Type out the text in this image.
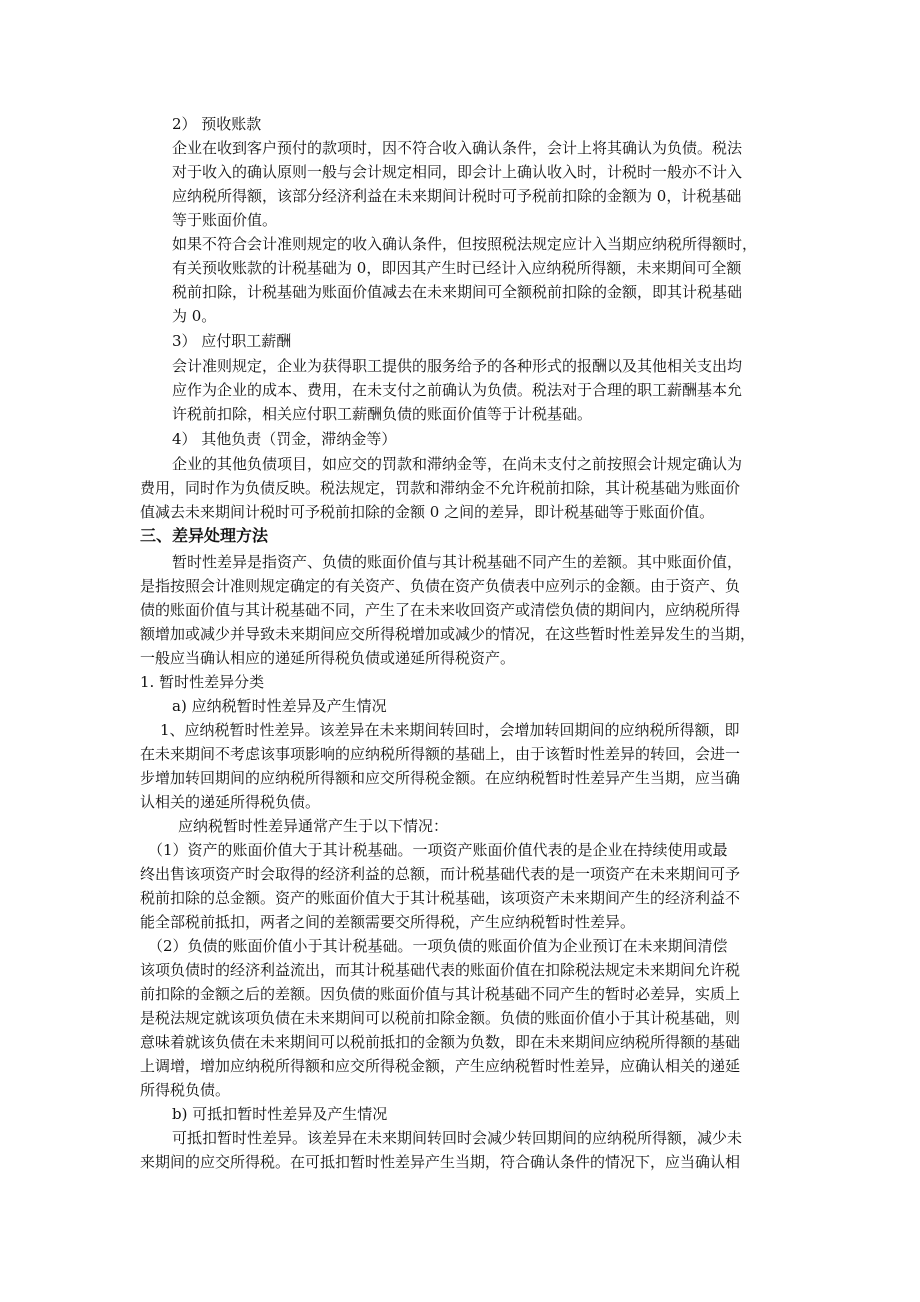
2） 预收账款
企业在收到客户预付的款项时，因不符合收入确认条件，会计上将其确认为负债。税法
对于收入的确认原则一般与会计规定相同，即会计上确认收入时，计税时一般亦不计入
应纳税所得额，该部分经济利益在未来期间计税时可予税前扣除的金额为 0，计税基础
等于账面价值。
如果不符合会计准则规定的收入确认条件，但按照税法规定应计入当期应纳税所得额时，
有关预收账款的计税基础为 0，即因其产生时已经计入应纳税所得额，未来期间可全额
税前扣除，计税基础为账面价值减去在未来期间可全额税前扣除的金额，即其计税基础
为 0。
3） 应付职工薪酬
会计准则规定，企业为获得职工提供的服务给予的各种形式的报酬以及其他相关支出均
应作为企业的成本、费用，在未支付之前确认为负债。税法对于合理的职工薪酬基本允
许税前扣除，相关应付职工薪酬负债的账面价值等于计税基础。
4） 其他负责（罚金，滞纳金等）
企业的其他负债项目，如应交的罚款和滞纳金等，在尚未支付之前按照会计规定确认为
费用，同时作为负债反映。税法规定，罚款和滞纳金不允许税前扣除，其计税基础为账面价
值减去未来期间计税时可予税前扣除的金额 0 之间的差异，即计税基础等于账面价值。
三、差异处理方法
暂时性差异是指资产、负债的账面价值与其计税基础不同产生的差额。其中账面价值，
是指按照会计准则规定确定的有关资产、负债在资产负债表中应列示的金额。由于资产、负
债的账面价值与其计税基础不同，产生了在未来收回资产或清偿负债的期间内，应纳税所得
额增加或减少并导致未来期间应交所得税增加或减少的情况，在这些暂时性差异发生的当期，
一般应当确认相应的递延所得税负债或递延所得税资产。
1. 暂时性差异分类
a) 应纳税暂时性差异及产生情况
1、应纳税暂时性差异。该差异在未来期间转回时，会增加转回期间的应纳税所得额，即
在未来期间不考虑该事项影响的应纳税所得额的基础上，由于该暂时性差异的转回，会进一
步增加转回期间的应纳税所得额和应交所得税金额。在应纳税暂时性差异产生当期，应当确
认相关的递延所得税负债。
应纳税暂时性差异通常产生于以下情况：
（1）资产的账面价值大于其计税基础。一项资产账面价值代表的是企业在持续使用或最
终出售该项资产时会取得的经济利益的总额，而计税基础代表的是一项资产在未来期间可予
税前扣除的总金额。资产的账面价值大于其计税基础，该项资产未来期间产生的经济利益不
能全部税前抵扣，两者之间的差额需要交所得税，产生应纳税暂时性差异。
（2）负债的账面价值小于其计税基础。一项负债的账面价值为企业预订在未来期间清偿
该项负债时的经济利益流出，而其计税基础代表的账面价值在扣除税法规定未来期间允许税
前扣除的金额之后的差额。因负债的账面价值与其计税基础不同产生的暂时必差异，实质上
是税法规定就该项负债在未来期间可以税前扣除金额。负债的账面价值小于其计税基础，则
意味着就该负债在未来期间可以税前抵扣的金额为负数，即在未来期间应纳税所得额的基础
上调增，增加应纳税所得额和应交所得税金额，产生应纳税暂时性差异，应确认相关的递延
所得税负债。
b) 可抵扣暂时性差异及产生情况
可抵扣暂时性差异。该差异在未来期间转回时会减少转回期间的应纳税所得额，减少未
来期间的应交所得税。在可抵扣暂时性差异产生当期，符合确认条件的情况下，应当确认相
